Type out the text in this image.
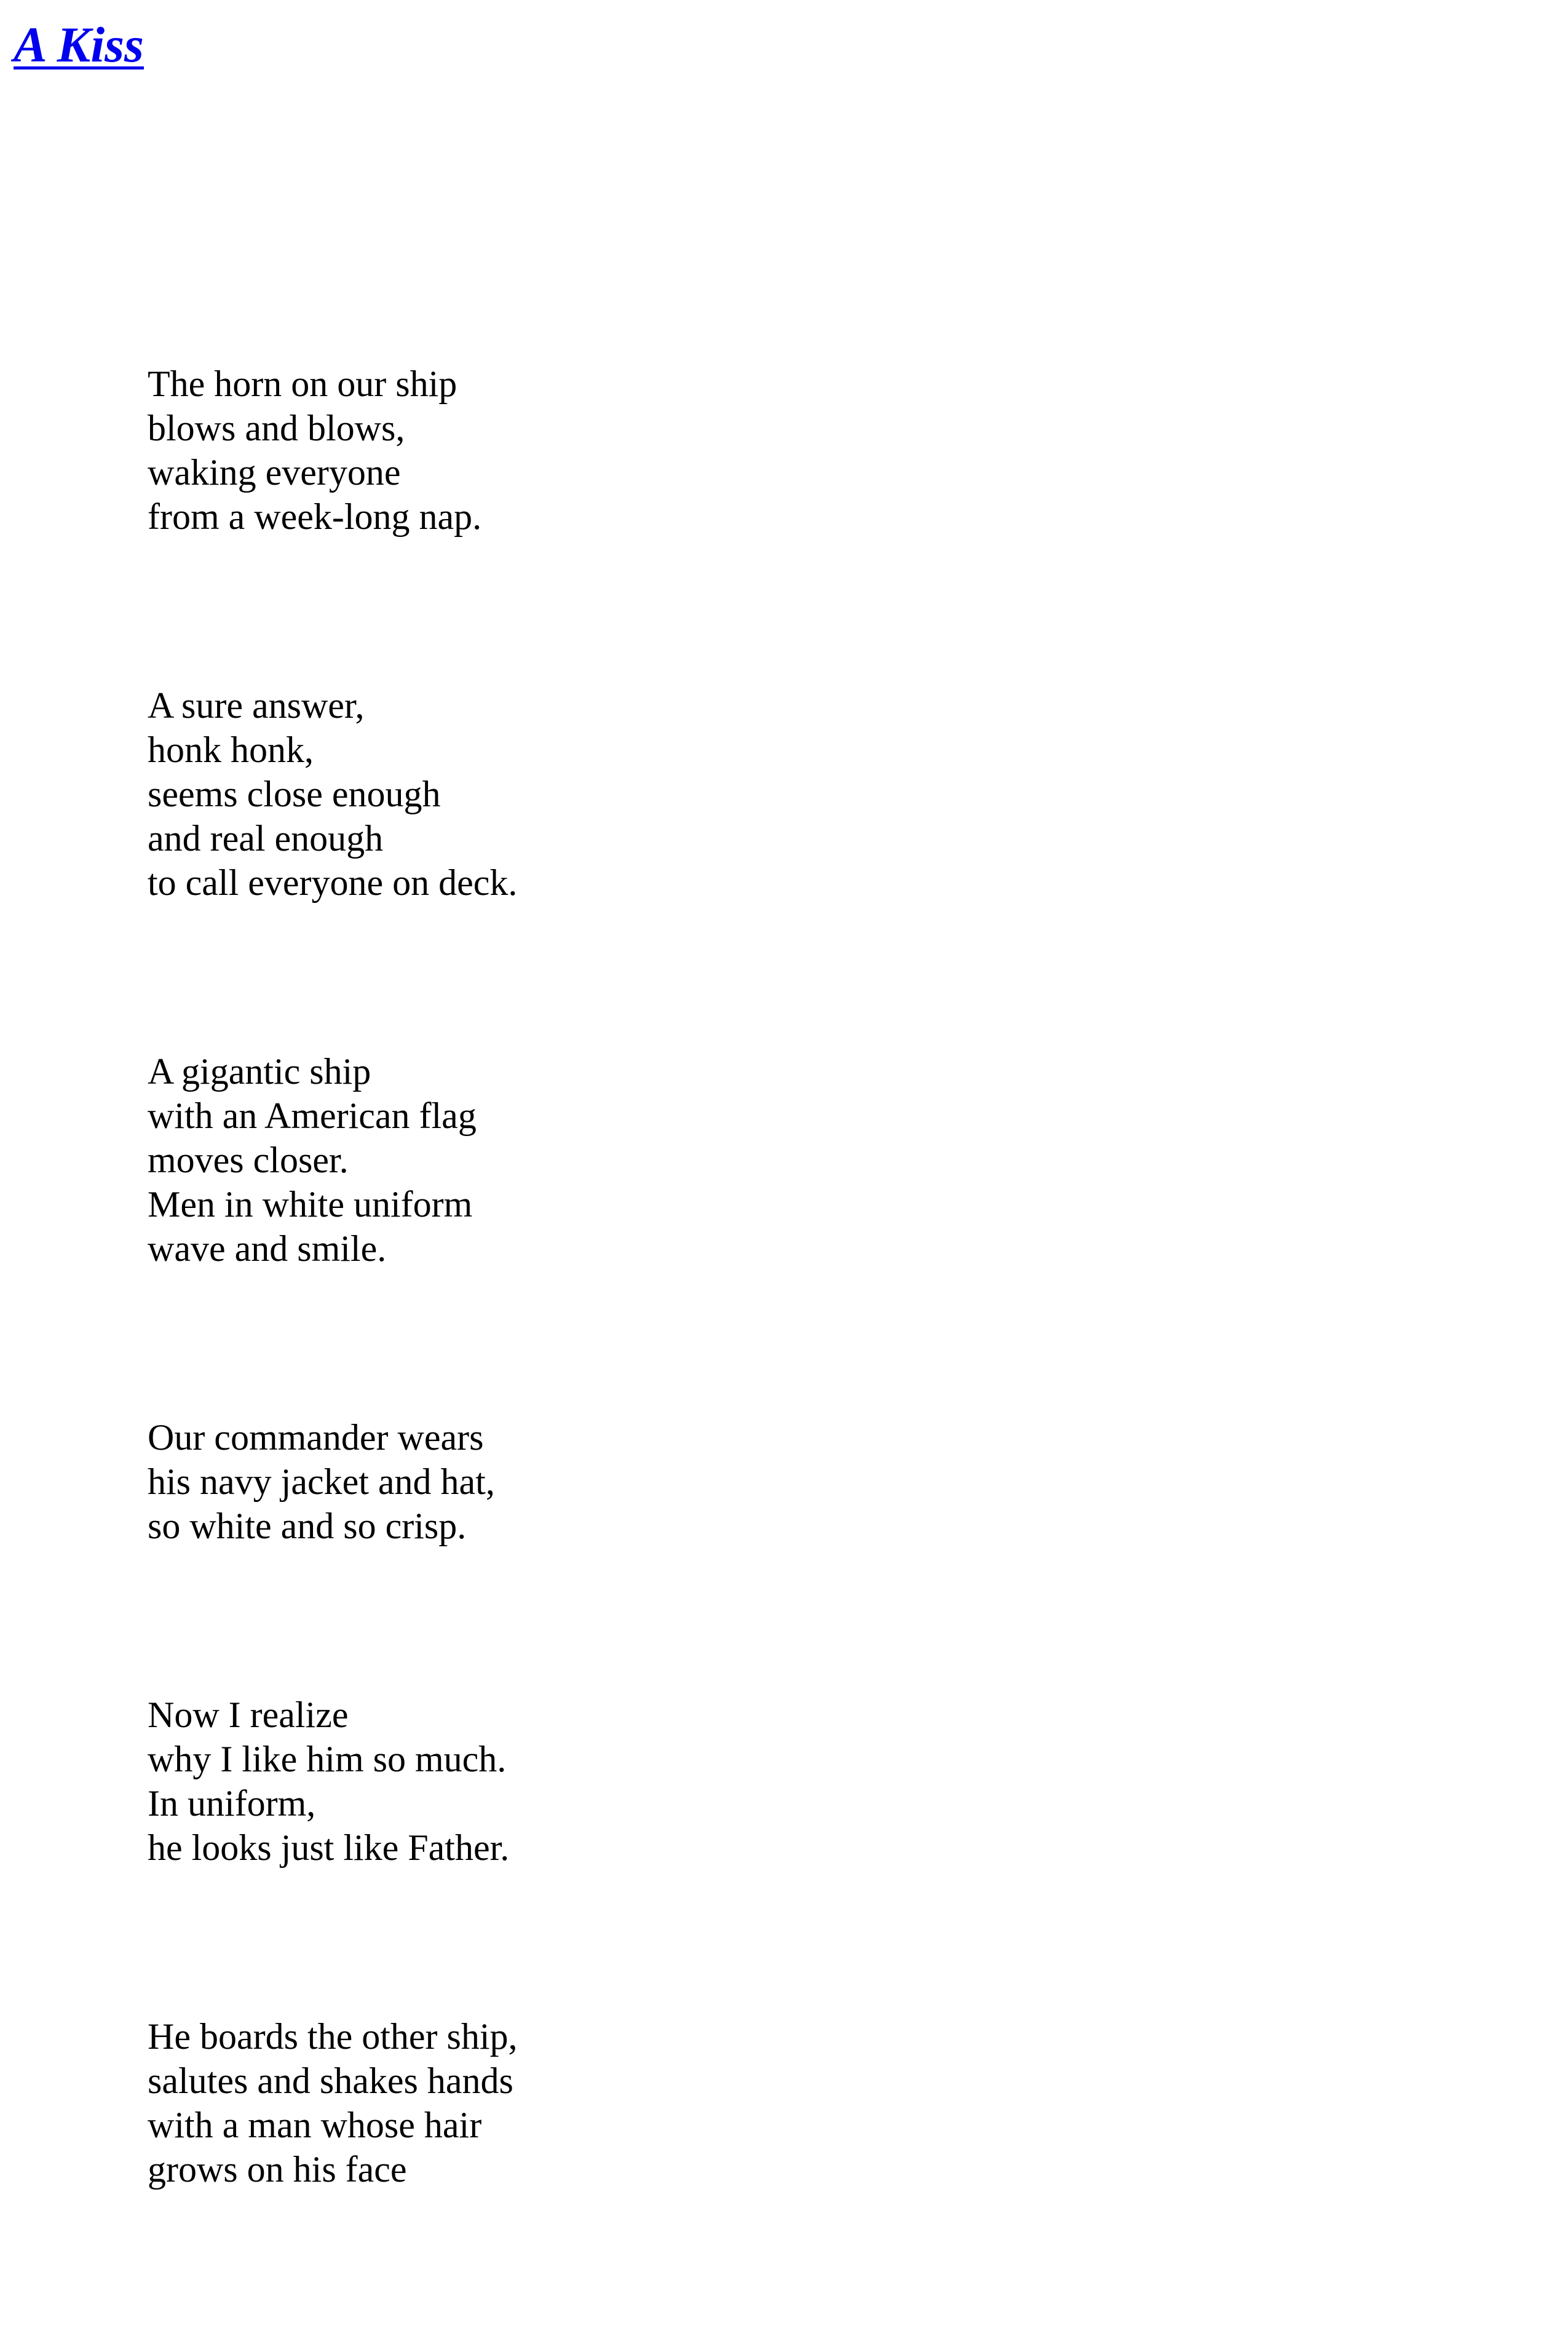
A Kiss
The horn on our ship
blows and blows,
waking everyone
from a week-long nap.
A sure answer,
honk honk,
seems close enough
and real enough
to call everyone on deck.
A gigantic ship
with an American flag
moves closer.
Men in white uniform
wave and smile.
Our commander wears
his navy jacket and hat,
so white and so crisp.
Now I realize
why I like him so much.
In uniform,
he looks just like Father.
He boards the other ship,
salutes and shakes hands
with a man whose hair
grows on his face
